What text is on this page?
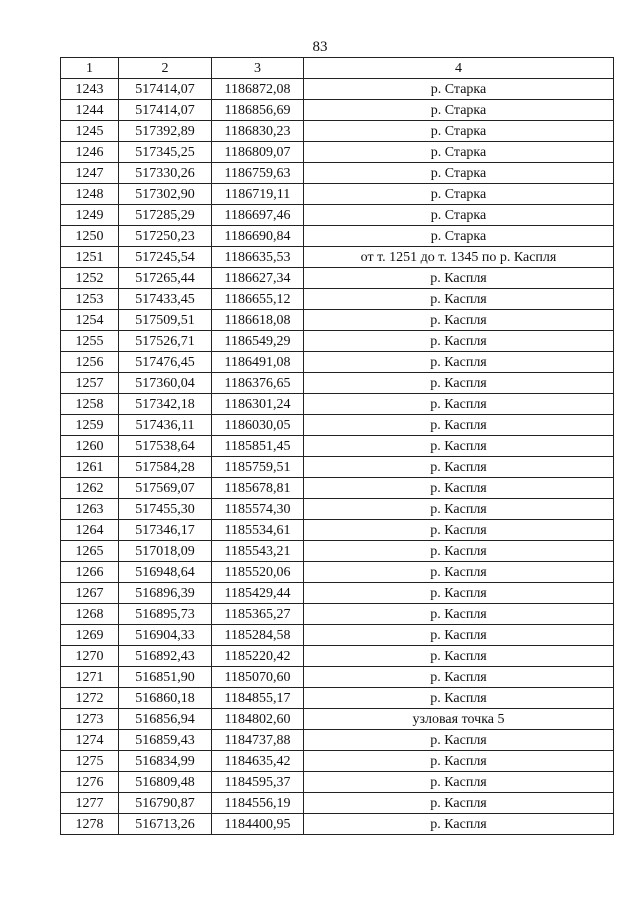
83
1	2	3	4
1243	517414,07	1186872,08	р. Старка
1244	517414,07	1186856,69	р. Старка
1245	517392,89	1186830,23	р. Старка
1246	517345,25	1186809,07	р. Старка
1247	517330,26	1186759,63	р. Старка
1248	517302,90	1186719,11	р. Старка
1249	517285,29	1186697,46	р. Старка
1250	517250,23	1186690,84	р. Старка
1251	517245,54	1186635,53	от т. 1251 до т. 1345 по р. Каспля
1252	517265,44	1186627,34	р. Каспля
1253	517433,45	1186655,12	р. Каспля
1254	517509,51	1186618,08	р. Каспля
1255	517526,71	1186549,29	р. Каспля
1256	517476,45	1186491,08	р. Каспля
1257	517360,04	1186376,65	р. Каспля
1258	517342,18	1186301,24	р. Каспля
1259	517436,11	1186030,05	р. Каспля
1260	517538,64	1185851,45	р. Каспля
1261	517584,28	1185759,51	р. Каспля
1262	517569,07	1185678,81	р. Каспля
1263	517455,30	1185574,30	р. Каспля
1264	517346,17	1185534,61	р. Каспля
1265	517018,09	1185543,21	р. Каспля
1266	516948,64	1185520,06	р. Каспля
1267	516896,39	1185429,44	р. Каспля
1268	516895,73	1185365,27	р. Каспля
1269	516904,33	1185284,58	р. Каспля
1270	516892,43	1185220,42	р. Каспля
1271	516851,90	1185070,60	р. Каспля
1272	516860,18	1184855,17	р. Каспля
1273	516856,94	1184802,60	узловая точка 5
1274	516859,43	1184737,88	р. Каспля
1275	516834,99	1184635,42	р. Каспля
1276	516809,48	1184595,37	р. Каспля
1277	516790,87	1184556,19	р. Каспля
1278	516713,26	1184400,95	р. Каспля
